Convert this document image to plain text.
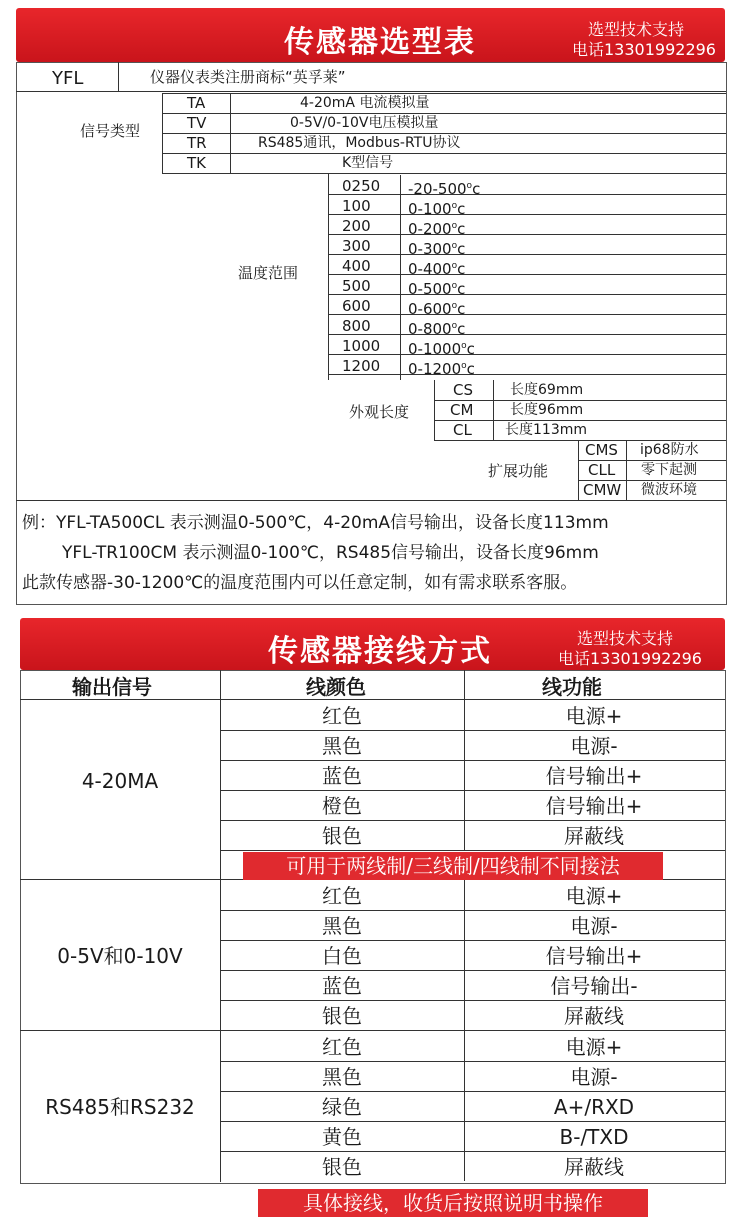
传感器选型表	选型技术支持
电话13301992296
YFL	仪器仪表类注册商标“英孚莱”
信号类型
TA	4-20mA 电流模拟量
TV	0-5V/0-10V电压模拟量
TR	RS485通讯，Modbus-RTU协议
TK	K型信号
温度范围
0250 -20-500$^o$c
100 0-100$^o$c
200 0-200$^o$c
300 0-300$^o$c
400 0-400$^o$c
500 0-500$^o$c
600 0-600$^o$c
800 0-800$^o$c
1000 0-1000$^o$c
1200 0-1200$^o$c
外观长度
CS	长度69mm
CM	长度96mm
CL 长度113mm
扩展功能
CMS ip68防水
CLL 零下起测
CMW 微波环境
例：YFL-TA500CL 表示测温0-500℃，4-20mA信号输出，设备长度113mm
YFL-TR100CM 表示测温0-100℃，RS485信号输出，设备长度96mm
此款传感器-30-1200℃的温度范围内可以任意定制，如有需求联系客服。
传感器接线方式	选型技术支持
电话13301992296
输出信号	线颜色	线功能
4-20MA
红色	电源+
黑色	电源-
蓝色	信号输出+
橙色	信号输出+
银色	屏蔽线
0-5V和0-10V
红色	电源+
黑色	电源-
白色	信号输出+
蓝色	信号输出-
银色	屏蔽线
RS485和RS232
红色	电源+
黑色	电源-
绿色	A+/RXD
黄色	B-/TXD
银色	屏蔽线
可用于两线制/三线制/四线制不同接法
具体接线，收货后按照说明书操作
